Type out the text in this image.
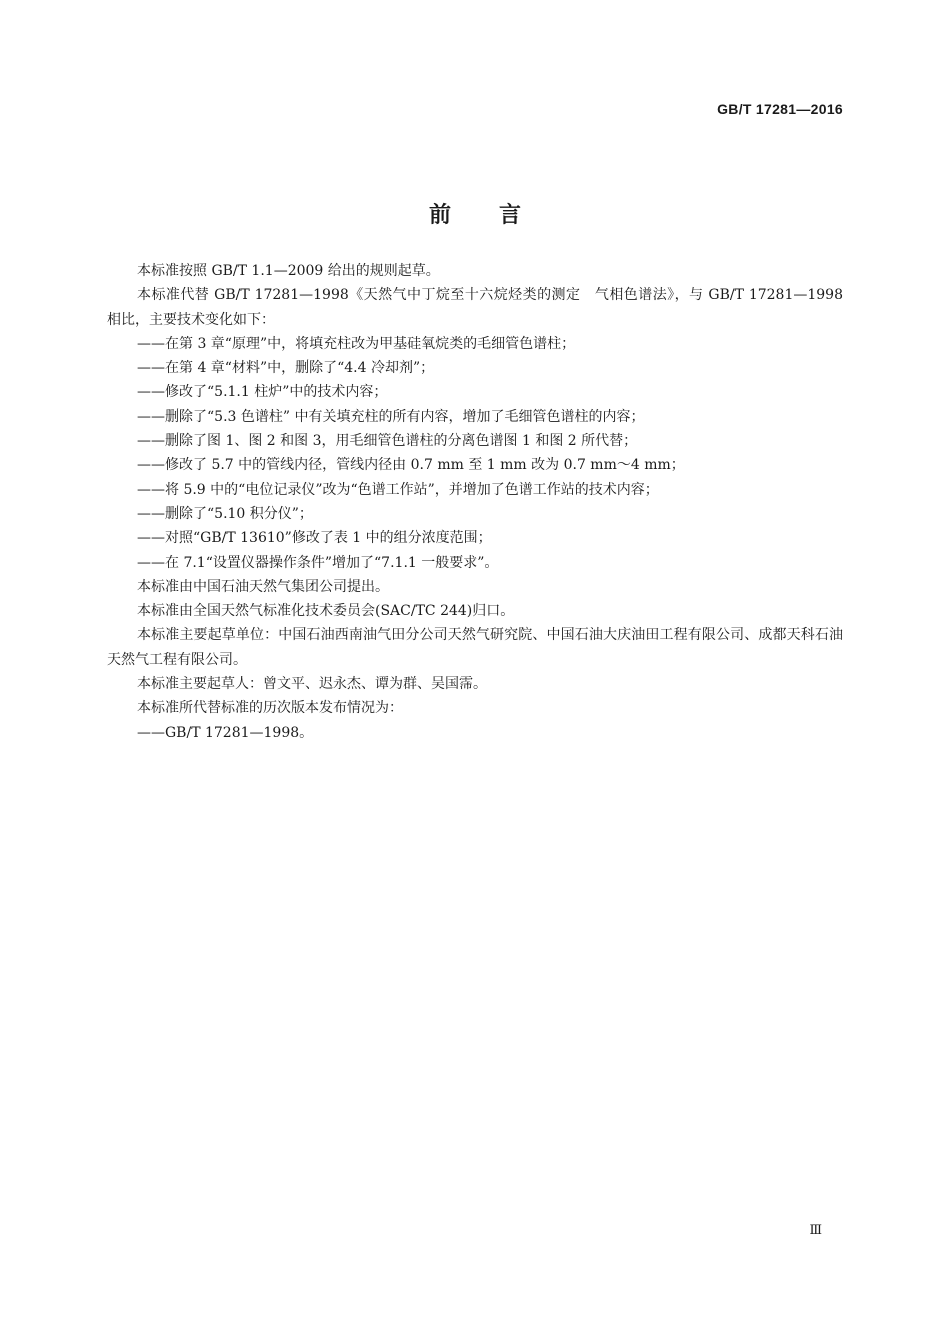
GB/T 17281—2016
前言

本标准按照 GB/T 1.1—2009 给出的规则起草。

本标准代替 GB/T 17281—1998《天然气中丁烷至十六烷烃类的测定　气相色谱法》，与 GB/T 17281—1998 相比，主要技术变化如下：

——在第 3 章“原理”中，将填充柱改为甲基硅氧烷类的毛细管色谱柱；

——在第 4 章“材料”中，删除了“4.4 冷却剂”；

——修改了“5.1.1 柱炉”中的技术内容；

——删除了“5.3 色谱柱” 中有关填充柱的所有内容，增加了毛细管色谱柱的内容；

——删除了图 1、图 2 和图 3，用毛细管色谱柱的分离色谱图 1 和图 2 所代替；

——修改了 5.7 中的管线内径，管线内径由 0.7 mm 至 1 mm 改为 0.7 mm～4 mm；

——将 5.9 中的“电位记录仪”改为“色谱工作站”，并增加了色谱工作站的技术内容；

——删除了“5.10 积分仪”；

——对照“GB/T 13610”修改了表 1 中的组分浓度范围；

——在 7.1“设置仪器操作条件”增加了“7.1.1 一般要求”。

本标准由中国石油天然气集团公司提出。

本标准由全国天然气标准化技术委员会(SAC/TC 244)归口。

本标准主要起草单位：中国石油西南油气田分公司天然气研究院、中国石油大庆油田工程有限公司、成都天科石油天然气工程有限公司。

本标准主要起草人：曾文平、迟永杰、谭为群、吴国霈。

本标准所代替标准的历次版本发布情况为：

——GB/T 17281—1998。

Ⅲ
